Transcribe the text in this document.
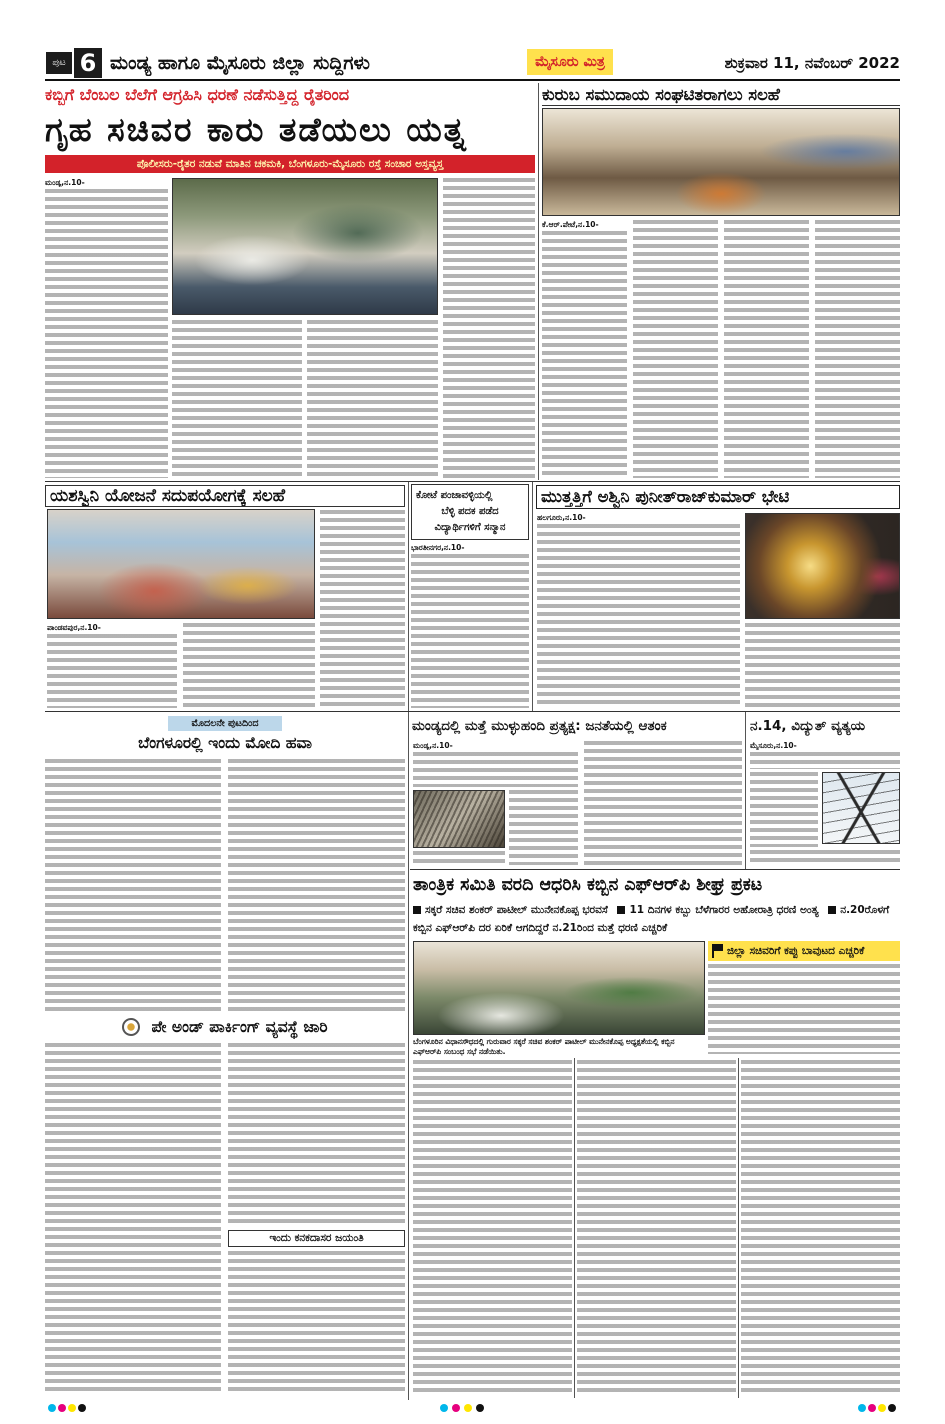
ಪುಟ 6 ಮಂಡ್ಯ ಹಾಗೂ ಮೈಸೂರು ಜಿಲ್ಲಾ ಸುದ್ದಿಗಳು	ಮೈಸೂರು ಮಿತ್ರ	ಶುಕ್ರವಾರ 11, ನವೆಂಬರ್ 2022
ಕಬ್ಬಿಗೆ ಬೆಂಬಲ ಬೆಲೆಗೆ ಆಗ್ರಹಿಸಿ ಧರಣೆ ನಡೆಸುತ್ತಿದ್ದ ರೈತರಿಂದ
ಗೃಹ ಸಚಿವರ ಕಾರು ತಡೆಯಲು ಯತ್ನ
ಪೊಲೀಸರು-ರೈತರ ನಡುವೆ ಮಾತಿನ ಚಕಮಕಿ, ಬೆಂಗಳೂರು-ಮೈಸೂರು ರಸ್ತೆ ಸಂಚಾರ ಅಸ್ತವ್ಯಸ್ತ
ಮಂಡ್ಯ,ನ.10-
ಕುರುಬ ಸಮುದಾಯ ಸಂಘಟಿತರಾಗಲು ಸಲಹೆ
ಕೆ.ಆರ್.ಪೇಟೆ,ನ.10-
ಯಶಸ್ವಿನಿ ಯೋಜನೆ ಸದುಪಯೋಗಕ್ಕೆ ಸಲಹೆ
ಪಾಂಡವಪುರ,ನ.10-
ಕೋಟೆ ಪಂಜಾವಳ್ಳಿಯಲ್ಲಿ
ಬೆಳ್ಳಿ ಪದಕ ಪಡೆದ
ವಿದ್ಯಾರ್ಥಿಗಳಿಗೆ ಸನ್ಮಾನ
ಭಾರತೀನಗರ,ನ.10-
ಮುತ್ತತ್ತಿಗೆ ಅಶ್ವಿನಿ ಪುನೀತ್‌ರಾಜ್‌ಕುಮಾರ್ ಭೇಟಿ
ಹಲಗೂರು,ನ.10-
ಮೊದಲನೇ ಪುಟದಿಂದ
ಬೆಂಗಳೂರಲ್ಲಿ ಇಂದು ಮೋದಿ ಹವಾ
ಪೇ ಅಂಡ್ ಪಾರ್ಕಿಂಗ್ ವ್ಯವಸ್ಥೆ ಜಾರಿ
ಇಂದು ಕನಕದಾಸರ ಜಯಂತಿ
ಮಂಡ್ಯದಲ್ಲಿ ಮತ್ತೆ ಮುಳ್ಳುಹಂದಿ ಪ್ರತ್ಯಕ್ಷ: ಜನತೆಯಲ್ಲಿ ಆತಂಕ
ಮಂಡ್ಯ,ನ.10-
ನ.14, ವಿದ್ಯುತ್ ವ್ಯತ್ಯಯ
ಮೈಸೂರು,ನ.10-
ತಾಂತ್ರಿಕ ಸಮಿತಿ ವರದಿ ಆಧರಿಸಿ ಕಬ್ಬಿನ ಎಫ್‌ಆರ್‌ಪಿ ಶೀಘ್ರ ಪ್ರಕಟ
ಸಕ್ಕರೆ ಸಚಿವ ಶಂಕರ್ ಪಾಟೀಲ್ ಮುನೇನಕೊಪ್ಪ ಭರವಸೆ 11 ದಿನಗಳ ಕಬ್ಬು ಬೆಳೆಗಾರರ ಅಹೋರಾತ್ರಿ ಧರಣಿ ಅಂತ್ಯ ನ.20ರೊಳಗೆ ಕಬ್ಬಿನ ಎಫ್‌ಆರ್‌ಪಿ ದರ ಏರಿಕೆ ಆಗದಿದ್ದರೆ ನ.21ರಿಂದ ಮತ್ತೆ ಧರಣಿ ಎಚ್ಚರಿಕೆ
ಬೆಂಗಳೂರಿನ ವಿಧಾನಸೌಧದಲ್ಲಿ ಗುರುವಾರ ಸಕ್ಕರೆ ಸಚಿವ ಶಂಕರ್ ಪಾಟೀಲ್ ಮುನೇನಕೊಪ್ಪ ಅಧ್ಯಕ್ಷತೆಯಲ್ಲಿ ಕಬ್ಬಿನ ಎಫ್‌ಆರ್‌ಪಿ ಸಂಬಂಧ ಸಭೆ ನಡೆಯಿತು.
ಜಿಲ್ಲಾ ಸಚಿವರಿಗೆ ಕಪ್ಪು ಬಾವುಟದ ಎಚ್ಚರಿಕೆ
